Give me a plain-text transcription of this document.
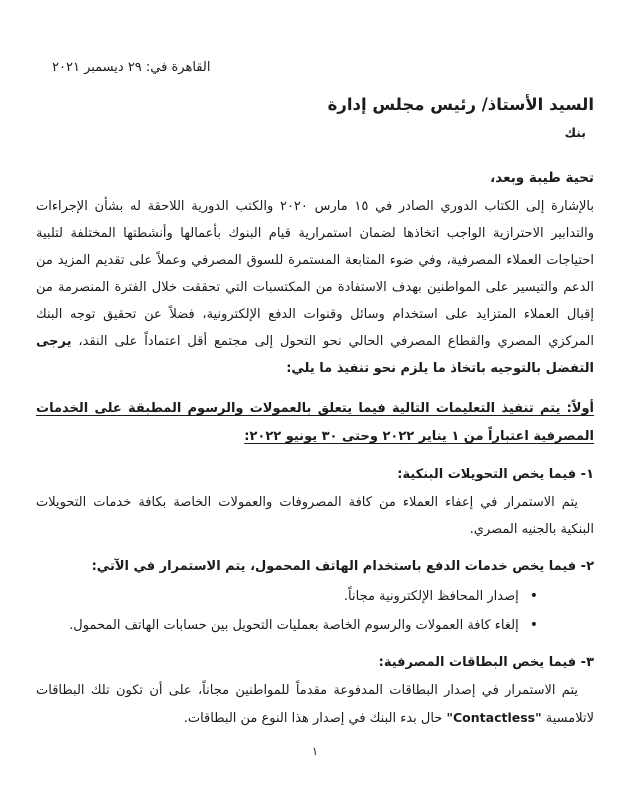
القاهرة في: ٢٩ ديسمبر ٢٠٢١
السيد الأستاذ/ رئيس مجلس إدارة
بنك
تحية طيبة وبعد،

بالإشارة إلى الكتاب الدوري الصادر في ١٥ مارس ٢٠٢٠ والكتب الدورية اللاحقة له بشأن الإجراءات والتدابير الاحترازية الواجب اتخاذها لضمان استمرارية قيام البنوك بأعمالها وأنشطتها المختلفة لتلبية احتياجات العملاء المصرفية، وفي ضوء المتابعة المستمرة للسوق المصرفي وعملاً على تقديم المزيد من الدعم والتيسير على المواطنين بهدف الاستفادة من المكتسبات التي تحققت خلال الفترة المنصرمة من إقبال العملاء المتزايد على استخدام وسائل وقنوات الدفع الإلكترونية، فضلاً عن تحقيق توجه البنك المركزي المصري والقطاع المصرفي الحالي نحو التحول إلى مجتمع أقل اعتماداً على النقد، يرجى التفضل بالتوجيه باتخاذ ما يلزم نحو تنفيذ ما يلي:

أولاً: يتم تنفيذ التعليمات التالية فيما يتعلق بالعمولات والرسوم المطبقة على الخدمات المصرفية اعتباراً من ١ يناير ٢٠٢٢ وحتى ٣٠ يونيو ٢٠٢٢:

١- فيما يخص التحويلات البنكية:

يتم الاستمرار في إعفاء العملاء من كافة المصروفات والعمولات الخاصة بكافة خدمات التحويلات البنكية بالجنيه المصري.

٢- فيما يخص خدمات الدفع باستخدام الهاتف المحمول، يتم الاستمرار في الآتي:
• إصدار المحافظ الإلكترونية مجاناً.
• إلغاء كافة العمولات والرسوم الخاصة بعمليات التحويل بين حسابات الهاتف المحمول.
٣- فيما يخص البطاقات المصرفية:

يتم الاستمرار في إصدار البطاقات المدفوعة مقدماً للمواطنين مجاناً، على أن تكون تلك البطاقات لاتلامسية "Contactless" حال بدء البنك في إصدار هذا النوع من البطاقات.

١
